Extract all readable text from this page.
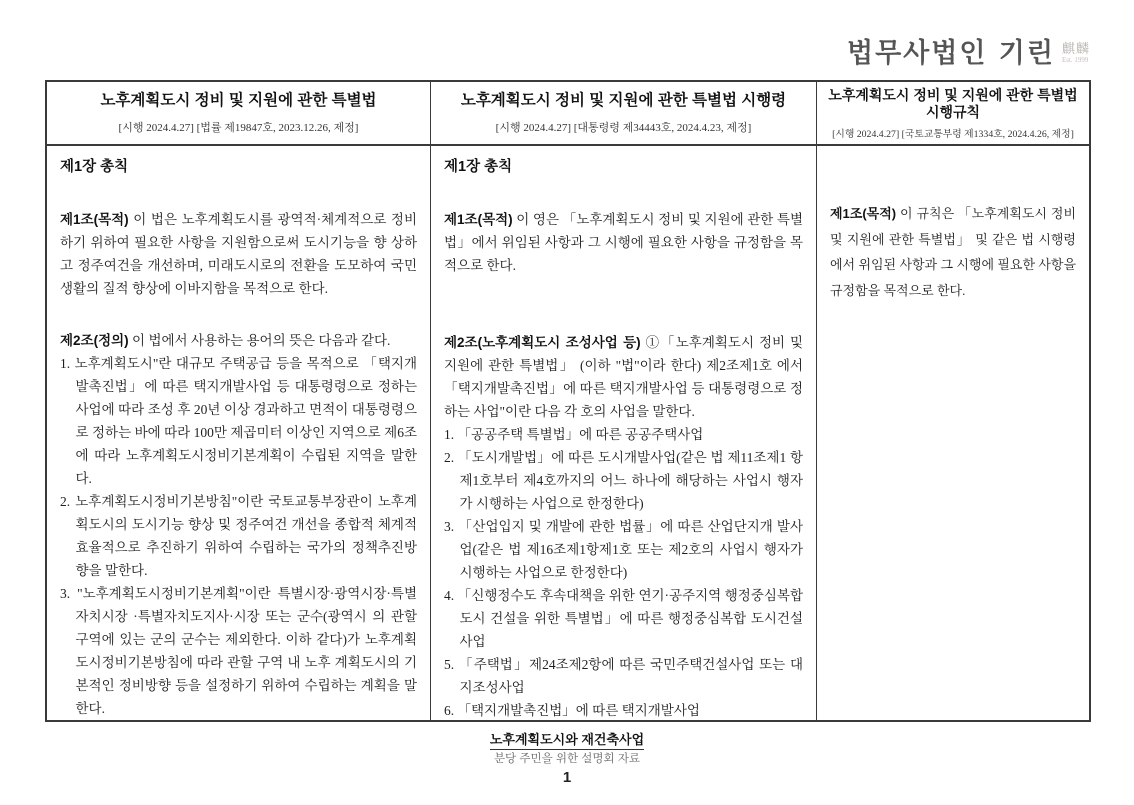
법무사법인 기린 麒麟
Est. 1999
노후계획도시 정비 및 지원에 관한 특별법
[시행 2024.4.27] [법률 제19847호, 2023.12.26, 제정]
노후계획도시 정비 및 지원에 관한 특별법 시행령
[시행 2024.4.27] [대통령령 제34443호, 2024.4.23, 제정]
노후계획도시 정비 및 지원에 관한 특별법 시행규칙
[시행 2024.4.27] [국토교통부령 제1334호, 2024.4.26, 제정]
제1장 총칙

제1조(목적) 이 법은 노후계획도시를 광역적·체계적으로 정비하기 위하여 필요한 사항을 지원함으로써 도시기능을 향 상하고 정주여건을 개선하며, 미래도시로의 전환을 도모하여 국민생활의 질적 향상에 이바지함을 목적으로 한다.

제2조(정의) 이 법에서 사용하는 용어의 뜻은 다음과 같다.

1. 노후계획도시"란 대규모 주택공급 등을 목적으로 「택지개발촉진법」에 따른 택지개발사업 등 대통령령으로 정하는 사업에 따라 조성 후 20년 이상 경과하고 면적이 대통령령으로 정하는 바에 따라 100만 제곱미터 이상인 지역으로 제6조에 따라 노후계획도시정비기본계획이 수립된 지역을 말한다.

2. 노후계획도시정비기본방침"이란 국토교통부장관이 노후계획도시의 도시기능 향상 및 정주여건 개선을 종합적 체계적 효율적으로 추진하기 위하여 수립하는 국가의 정책추진방향을 말한다.

3. "노후계획도시정비기본계획"이란 특별시장·광역시장·특별자치시장 ·특별자치도지사·시장 또는 군수(광역시 의 관할 구역에 있는 군의 군수는 제외한다. 이하 같다)가 노후계획도시정비기본방침에 따라 관할 구역 내 노후 계획도시의 기본적인 정비방향 등을 설정하기 위하여 수립하는 계획을 말한다.

제1장 총칙

제1조(목적) 이 영은 「노후계획도시 정비 및 지원에 관한 특별법」에서 위임된 사항과 그 시행에 필요한 사항을 규정함을 목적으로 한다.

제2조(노후계획도시 조성사업 등) ①「노후계획도시 정비 및 지원에 관한 특별법」 (이하 "법"이라 한다) 제2조제1호 에서 「택지개발촉진법」에 따른 택지개발사업 등 대통령령으로 정하는 사업"이란 다음 각 호의 사업을 말한다.

1. 「공공주택 특별법」에 따른 공공주택사업

2. 「도시개발법」에 따른 도시개발사업(같은 법 제11조제1 항제1호부터 제4호까지의 어느 하나에 해당하는 사업시 행자가 시행하는 사업으로 한정한다)

3. 「산업입지 및 개발에 관한 법률」에 따른 산업단지개 발사업(같은 법 제16조제1항제1호 또는 제2호의 사업시 행자가 시행하는 사업으로 한정한다)

4. 「신행정수도 후속대책을 위한 연기·공주지역 행정중심복합도시 건설을 위한 특별법」에 따른 행정중심복합 도시건설사업

5. 「주택법」제24조제2항에 따른 국민주택건설사업 또는 대지조성사업

6. 「택지개발촉진법」에 따른 택지개발사업

제1조(목적) 이 규칙은 「노후계획도시 정비 및 지원에 관한 특별법」 및 같은 법 시행령에서 위임된 사항과 그 시행에 필요한 사항을 규정함을 목적으로 한다.

노후계획도시와 재건축사업
분당 주민을 위한 설명회 자료
1
